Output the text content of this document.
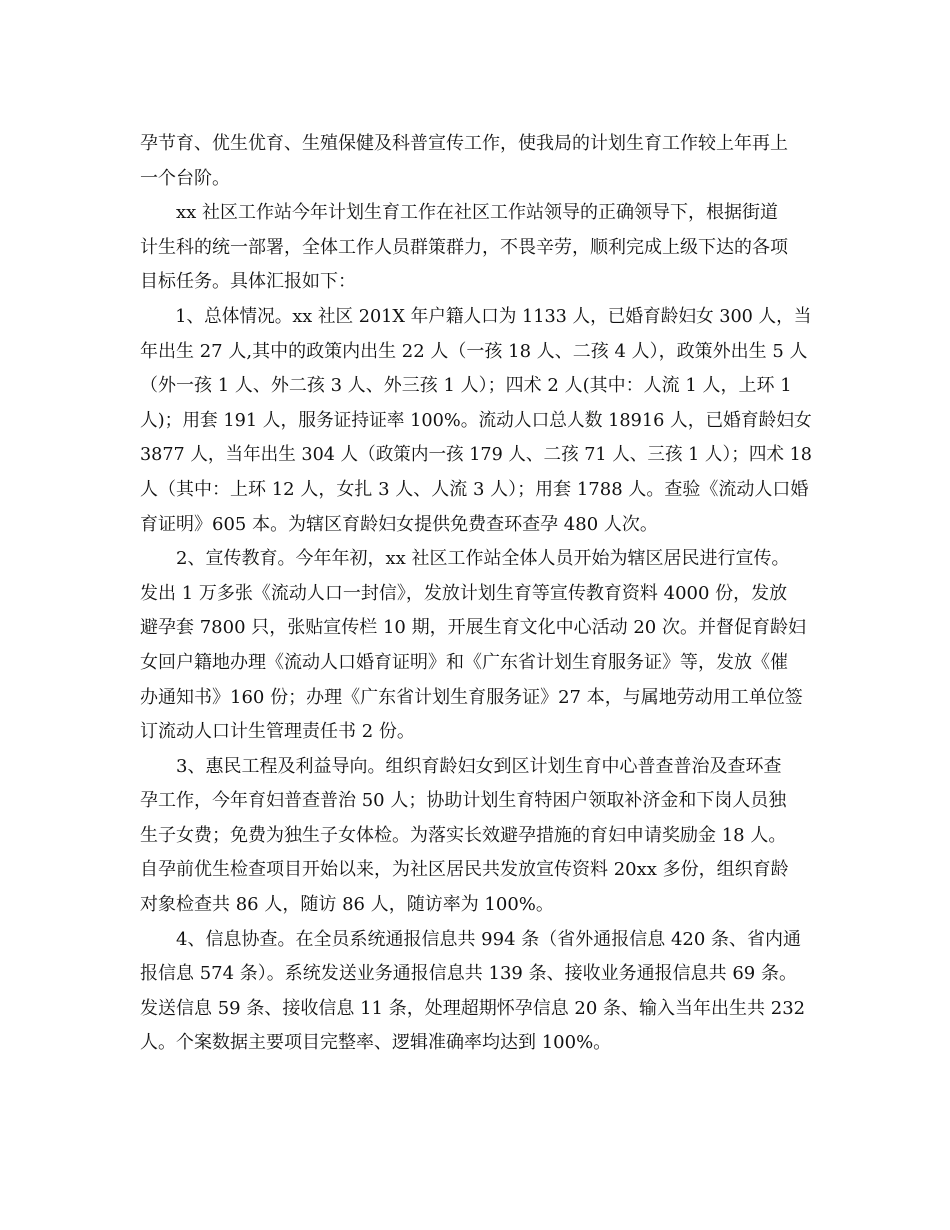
孕节育、优生优育、生殖保健及科普宣传工作，使我局的计划生育工作较上年再上
一个台阶。
xx 社区工作站今年计划生育工作在社区工作站领导的正确领导下，根据街道
计生科的统一部署，全体工作人员群策群力，不畏辛劳，顺利完成上级下达的各项
目标任务。具体汇报如下：
1、总体情况。xx 社区 201X 年户籍人口为 1133 人，已婚育龄妇女 300 人，当
年出生 27 人,其中的政策内出生 22 人（一孩 18 人、二孩 4 人），政策外出生 5 人
（外一孩 1 人、外二孩 3 人、外三孩 1 人）；四术 2 人(其中：人流 1 人，上环 1
人)；用套 191 人，服务证持证率 100%。流动人口总人数 18916 人，已婚育龄妇女
3877 人，当年出生 304 人（政策内一孩 179 人、二孩 71 人、三孩 1 人）；四术 18
人（其中：上环 12 人，女扎 3 人、人流 3 人）；用套 1788 人。查验《流动人口婚
育证明》605 本。为辖区育龄妇女提供免费查环查孕 480 人次。
2、宣传教育。今年年初，xx 社区工作站全体人员开始为辖区居民进行宣传。
发出 1 万多张《流动人口一封信》，发放计划生育等宣传教育资料 4000 份，发放
避孕套 7800 只，张贴宣传栏 10 期，开展生育文化中心活动 20 次。并督促育龄妇
女回户籍地办理《流动人口婚育证明》和《广东省计划生育服务证》等，发放《催
办通知书》160 份；办理《广东省计划生育服务证》27 本，与属地劳动用工单位签
订流动人口计生管理责任书 2 份。
3、惠民工程及利益导向。组织育龄妇女到区计划生育中心普查普治及查环查
孕工作，今年育妇普查普治 50 人；协助计划生育特困户领取补济金和下岗人员独
生子女费；免费为独生子女体检。为落实长效避孕措施的育妇申请奖励金 18 人。
自孕前优生检查项目开始以来，为社区居民共发放宣传资料 20xx 多份，组织育龄
对象检查共 86 人，随访 86 人，随访率为 100%。
4、信息协查。在全员系统通报信息共 994 条（省外通报信息 420 条、省内通
报信息 574 条）。系统发送业务通报信息共 139 条、接收业务通报信息共 69 条。
发送信息 59 条、接收信息 11 条，处理超期怀孕信息 20 条、输入当年出生共 232
人。个案数据主要项目完整率、逻辑准确率均达到 100%。
